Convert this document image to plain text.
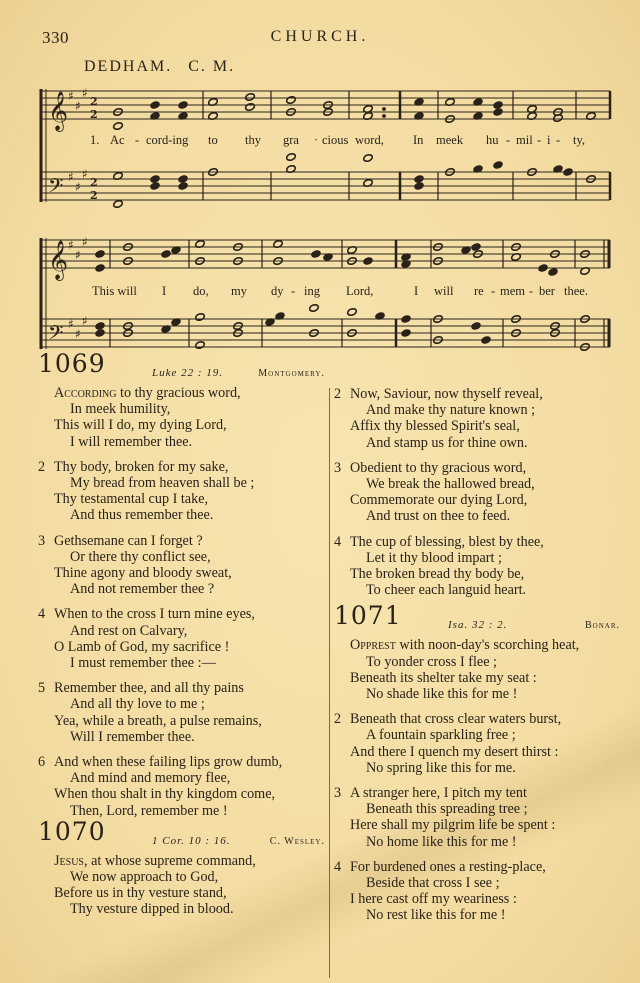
330	CHURCH.
DEDHAM. C. M.
𝄞
𝄢
♯
♯
♯
♯
♯
♯
2
2
2
2
1. Ac - cord-ing to thy gra · cious word, In meek hu - mil - i - ty,
𝄞
𝄢
♯
♯
♯
♯
♯
♯
This will I do, my dy - ing Lord,	I will re - mem - ber thee.
1069	Luke 22 : 19.	Montgomery.
According to thy gracious word,
In meek humility,
This will I do, my dying Lord,
I will remember thee.
2 Thy body, broken for my sake,
My bread from heaven shall be ;
Thy testamental cup I take,
And thus remember thee.
3 Gethsemane can I forget ?
Or there thy conflict see,
Thine agony and bloody sweat,
And not remember thee ?
4 When to the cross I turn mine eyes,
And rest on Calvary,
O Lamb of God, my sacrifice !
I must remember thee :—
5 Remember thee, and all thy pains
And all thy love to me ;
Yea, while a breath, a pulse remains,
Will I remember thee.
6 And when these failing lips grow dumb,
And mind and memory flee,
When thou shalt in thy kingdom come,
Then, Lord, remember me !
1070	1 Cor. 10 : 16.	C. Wesley.
Jesus, at whose supreme command,
We now approach to God,
Before us in thy vesture stand,
Thy vesture dipped in blood.
2 Now, Saviour, now thyself reveal,
And make thy nature known ;
Affix thy blessed Spirit's seal,
And stamp us for thine own.
3 Obedient to thy gracious word,
We break the hallowed bread,
Commemorate our dying Lord,
And trust on thee to feed.
4 The cup of blessing, blest by thee,
Let it thy blood impart ;
The broken bread thy body be,
To cheer each languid heart.
1071	Isa. 32 : 2.	Bonar.
Opprest with noon-day's scorching heat,
To yonder cross I flee ;
Beneath its shelter take my seat :
No shade like this for me !
2 Beneath that cross clear waters burst,
A fountain sparkling free ;
And there I quench my desert thirst :
No spring like this for me.
3 A stranger here, I pitch my tent
Beneath this spreading tree ;
Here shall my pilgrim life be spent :
No home like this for me !
4 For burdened ones a resting-place,
Beside that cross I see ;
I here cast off my weariness :
No rest like this for me !
